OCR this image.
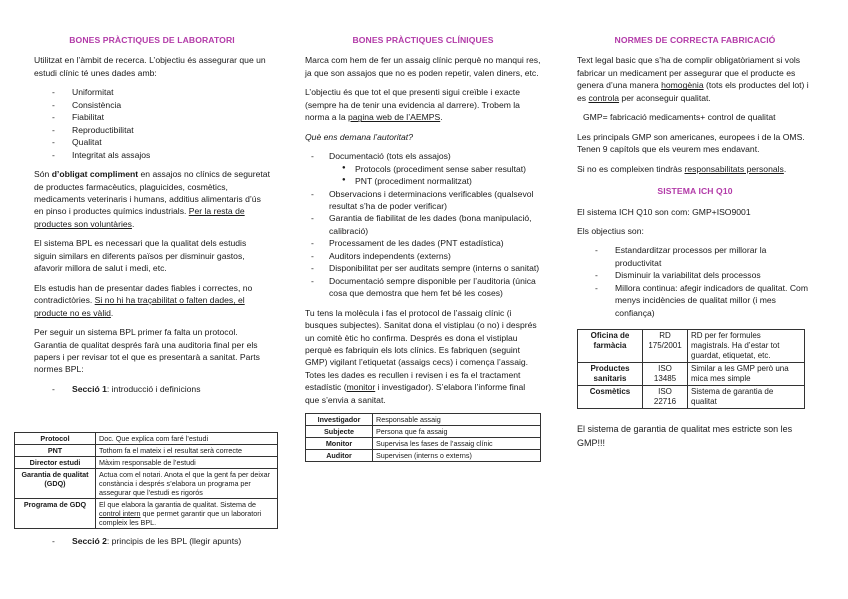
BONES PRÀCTIQUES DE LABORATORI

Utilitzat en l’àmbit de recerca. L’objectiu és assegurar que un estudi clínic té unes dades amb:

- Uniformitat
- Consistència
- Fiabilitat
- Reproductibilitat
- Qualitat
- Integritat als assajos

Són d’obligat compliment en assajos no clínics de seguretat de productes farmacèutics, plaguicides, cosmètics, medicaments veterinaris i humans, additius alimentaris d’ús en pinso i productes químics industrials. Per la resta de productes son voluntàries.

El sistema BPL es necessari que la qualitat dels estudis siguin similars en diferents països per disminuir gastos, afavorir millora de salut i medi, etc.

Els estudis han de presentar dades fiables i correctes, no contradictòries. Si no hi ha traçabilitat o falten dades, el producte no es vàlid.

Per seguir un sistema BPL primer fa falta un protocol. Garantia de qualitat després farà una auditoria final per els papers i per revisar tot el que es presentarà a sanitat. Parts normes BPL:

- Secció 1: introducció i definicions
Protocol	Doc. Que explica com faré l’estudi
PNT	Tothom fa el mateix i el resultat serà correcte
Director estudi	Màxim responsable de l’estudi
Garantia de qualitat (GDQ)	Actua com el notari. Anota el que la gent fa per deixar constància i després s’elabora un programa per assegurar que l’estudi es rigorós
Programa de GDQ	El que elabora la garantia de qualitat. Sistema de control intern que permet garantir que un laboratori compleix les BPL.
- Secció 2: principis de les BPL (llegir apunts)
BONES PRÀCTIQUES CLÍNIQUES

Marca com hem de fer un assaig clínic perquè no manqui res, ja que son assajos que no es poden repetir, valen diners, etc.

L’objectiu és que tot el que presenti sigui creïble i exacte (sempre ha de tenir una evidencia al darrere). Trobem la norma a la pagina web de l’AEMPS.

Què ens demana l’autoritat?

- Documentació (tots els assajos)
● Protocols (procediment sense saber resultat)
● PNT (procediment normalitzat)
- Observacions i determinacions verificables (qualsevol resultat s’ha de poder verificar)
- Garantia de fiabilitat de les dades (bona manipulació, calibració)
- Processament de les dades (PNT estadística)
- Auditors independents (externs)
- Disponibilitat per ser auditats sempre (interns o sanitat)
- Documentació sempre disponible per l’auditoria (única cosa que demostra que hem fet bé les coses)

Tu tens la molècula i fas el protocol de l’assaig clínic (i busques subjectes). Sanitat dona el vistiplau (o no) i després un comitè ètic ho confirma. Després es dona el vistiplau perquè es fabriquin els lots clínics. Es fabriquen (seguint GMP) vigilant l’etiquetat (assaigs cecs) i comença l’assaig. Totes les dades es recullen i revisen i es fa el tractament estadístic (monitor i investigador). S’elabora l’informe final que s’envia a sanitat.

Investigador	Responsable assaig
Subjecte	Persona que fa assaig
Monitor	Supervisa les fases de l’assaig clínic
Auditor	Supervisen (interns o externs)
NORMES DE CORRECTA FABRICACIÓ

Text legal basic que s’ha de complir obligatòriament si vols fabricar un medicament per assegurar que el producte es genera d’una manera homogènia (tots els productes del lot) i es controla per aconseguir qualitat.

GMP= fabricació medicaments+ control de qualitat

Les principals GMP son americanes, europees i de la OMS. Tenen 9 capítols que els veurem mes endavant.

Si no es compleixen tindràs responsabilitats personals.

SISTEMA ICH Q10

El sistema ICH Q10 son com: GMP+ISO9001

Els objectius son:

- Estandarditzar processos per millorar la productivitat
- Disminuir la variabilitat dels processos
- Millora continua: afegir indicadors de qualitat. Com menys incidències de qualitat millor (i mes confiança)
Oficina de farmàcia	RD 175/2001	RD per fer formules magistrals. Ha d’estar tot guardat, etiquetat, etc.
Productes sanitaris	ISO 13485	Similar a les GMP però una mica mes simple
Cosmètics	ISO 22716	Sistema de garantia de qualitat

El sistema de garantia de qualitat mes estricte son les GMP!!!
